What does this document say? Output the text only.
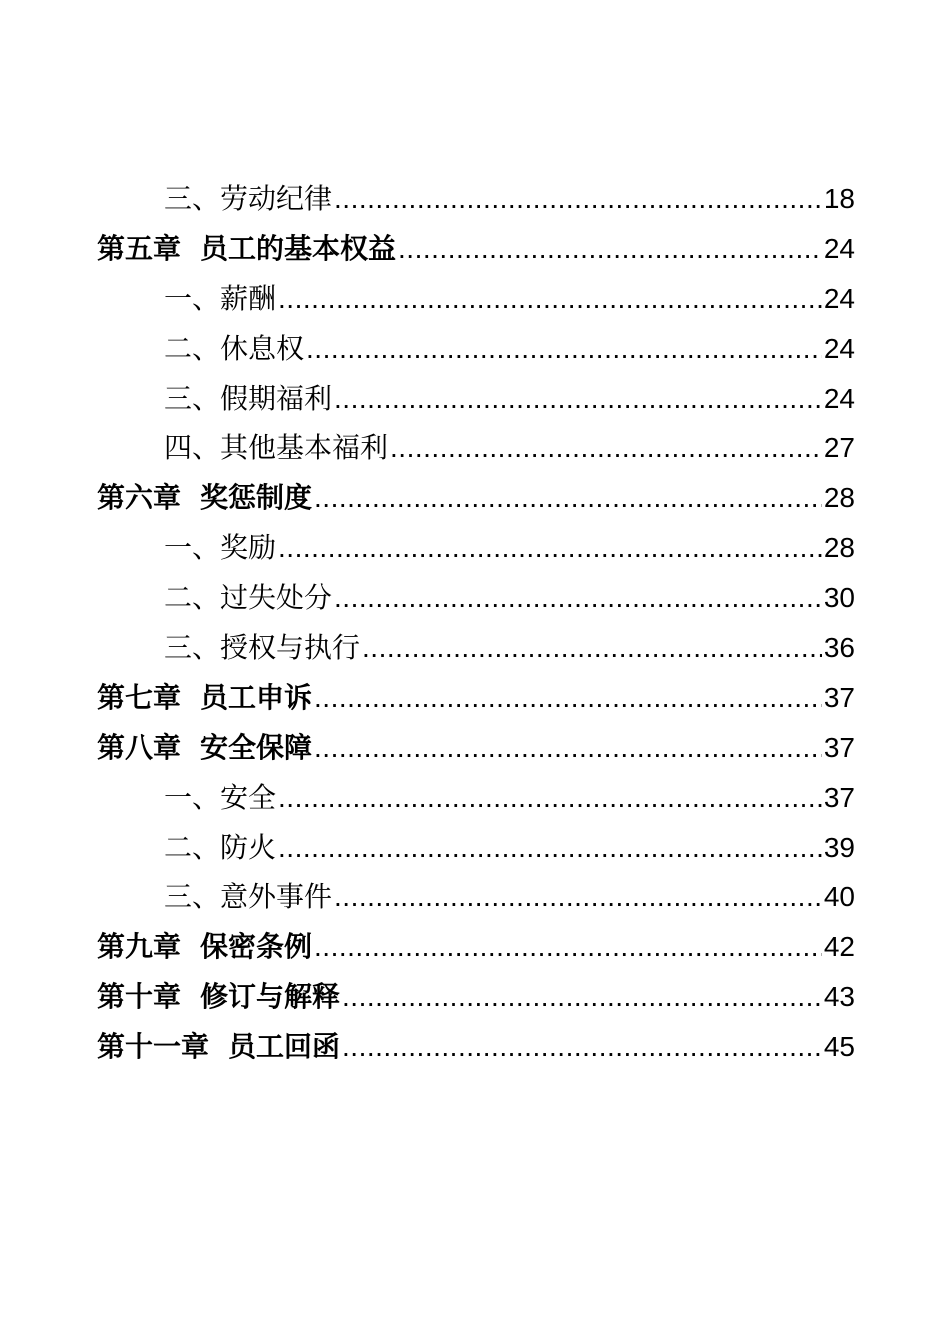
三、劳动纪律 .....	18
第五章 员工的基本权益 .....	24
一、薪酬 .....	24
二、休息权 .....	24
三、假期福利 .....	24
四、其他基本福利 .....	27
第六章 奖惩制度 .....	28
一、奖励 .....	28
二、过失处分 .....	30
三、授权与执行 .....	36
第七章 员工申诉 .....	37
第八章 安全保障 .....	37
一、安全 .....	37
二、防火 .....	39
三、意外事件 .....	40
第九章 保密条例 .....	42
第十章 修订与解释 .....	43
第十一章 员工回函 .....	45
